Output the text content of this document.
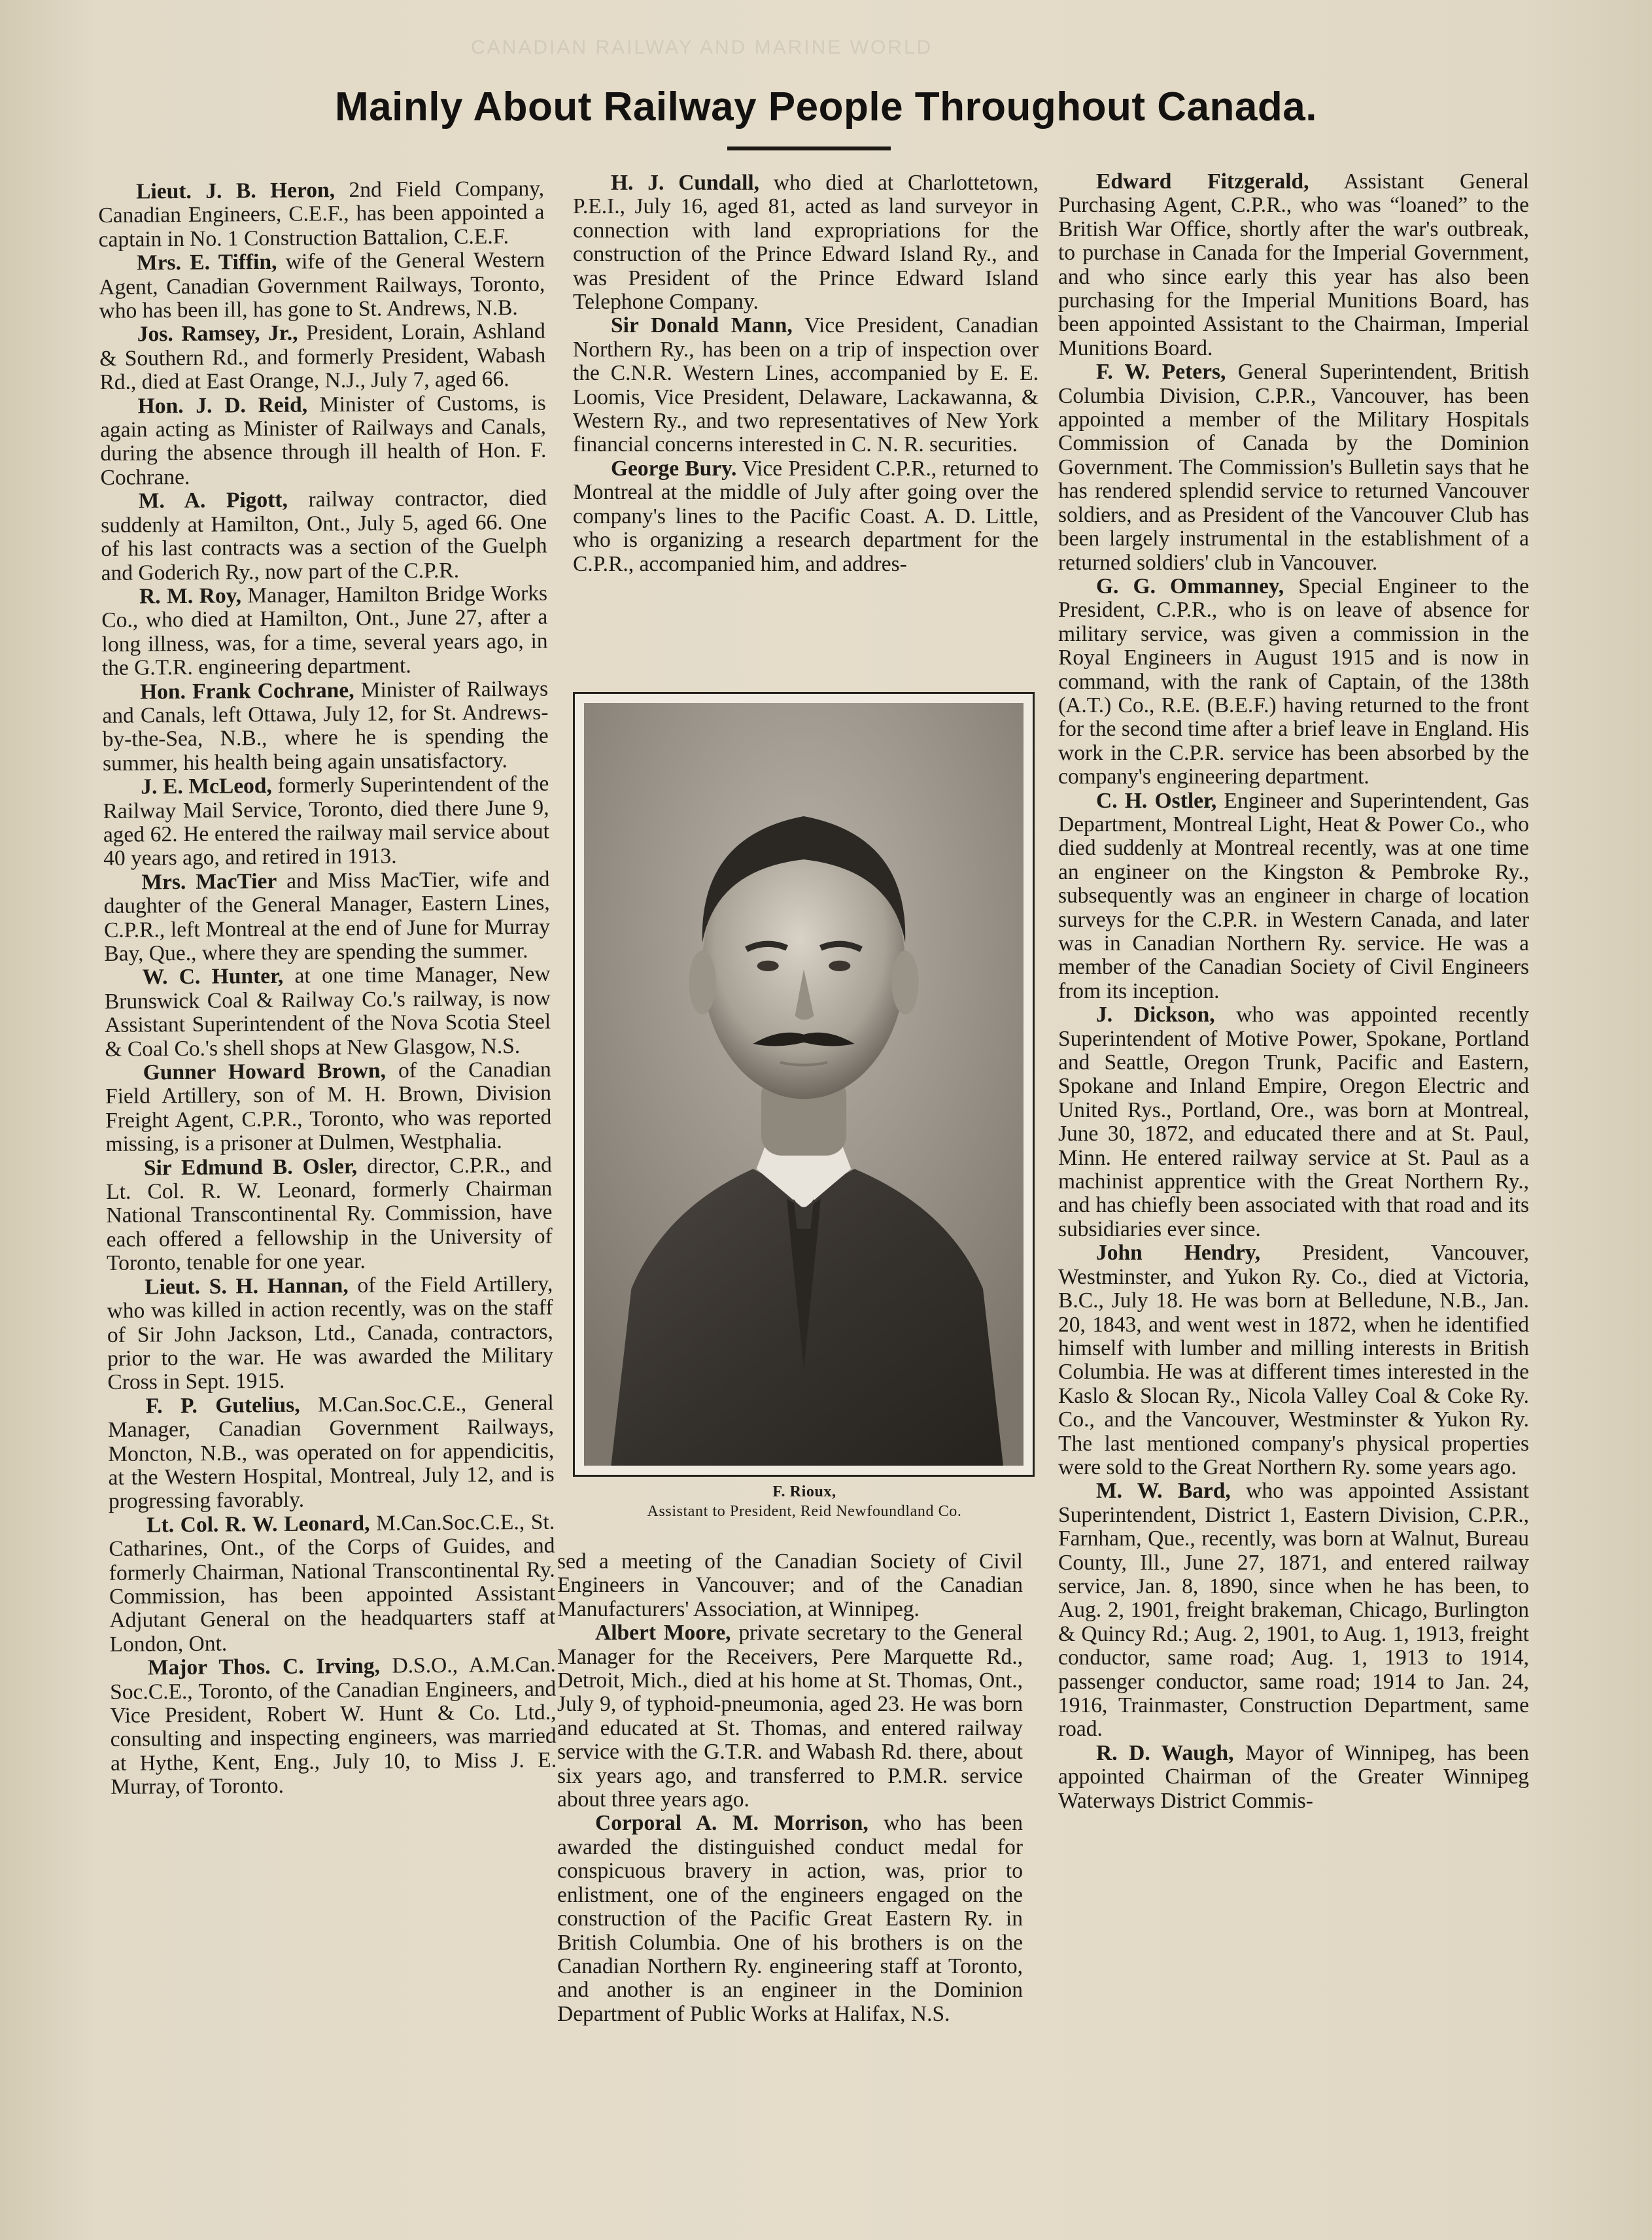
CANADIAN RAILWAY AND MARINE WORLD
Mainly About Railway People Throughout Canada.

Lieut. J. B. Heron, 2nd Field Company, Canadian Engineers, C.E.F., has been appointed a captain in No. 1 Construction Battalion, C.E.F.

Mrs. E. Tiffin, wife of the General Western Agent, Canadian Government Railways, Toronto, who has been ill, has gone to St. Andrews, N.B.

Jos. Ramsey, Jr., President, Lorain, Ashland & Southern Rd., and formerly President, Wabash Rd., died at East Orange, N.J., July 7, aged 66.

Hon. J. D. Reid, Minister of Customs, is again acting as Minister of Railways and Canals, during the absence through ill health of Hon. F. Cochrane.

M. A. Pigott, railway contractor, died suddenly at Hamilton, Ont., July 5, aged 66. One of his last contracts was a section of the Guelph and Goderich Ry., now part of the C.P.R.

R. M. Roy, Manager, Hamilton Bridge Works Co., who died at Hamilton, Ont., June 27, after a long illness, was, for a time, several years ago, in the G.T.R. engineering department.

Hon. Frank Cochrane, Minister of Railways and Canals, left Ottawa, July 12, for St. Andrews-by-the-Sea, N.B., where he is spending the summer, his health being again unsatisfactory.

J. E. McLeod, formerly Superintendent of the Railway Mail Service, Toronto, died there June 9, aged 62. He entered the railway mail service about 40 years ago, and retired in 1913.

Mrs. MacTier and Miss MacTier, wife and daughter of the General Manager, Eastern Lines, C.P.R., left Montreal at the end of June for Murray Bay, Que., where they are spending the summer.

W. C. Hunter, at one time Manager, New Brunswick Coal & Railway Co.'s railway, is now Assistant Superintendent of the Nova Scotia Steel & Coal Co.'s shell shops at New Glasgow, N.S.

Gunner Howard Brown, of the Canadian Field Artillery, son of M. H. Brown, Division Freight Agent, C.P.R., Toronto, who was reported missing, is a prisoner at Dulmen, Westphalia.

Sir Edmund B. Osler, director, C.P.R., and Lt. Col. R. W. Leonard, formerly Chairman National Transcontinental Ry. Commission, have each offered a fellowship in the University of Toronto, tenable for one year.

Lieut. S. H. Hannan, of the Field Artillery, who was killed in action recently, was on the staff of Sir John Jackson, Ltd., Canada, contractors, prior to the war. He was awarded the Military Cross in Sept. 1915.

F. P. Gutelius, M.Can.Soc.C.E., General Manager, Canadian Government Railways, Moncton, N.B., was operated on for appendicitis, at the Western Hospital, Montreal, July 12, and is progressing favorably.

Lt. Col. R. W. Leonard, M.Can.Soc.C.E., St. Catharines, Ont., of the Corps of Guides, and formerly Chairman, National Transcontinental Ry. Commission, has been appointed Assistant Adjutant General on the headquarters staff at London, Ont.

Major Thos. C. Irving, D.S.O., A.M.Can. Soc.C.E., Toronto, of the Canadian Engineers, and Vice President, Robert W. Hunt & Co. Ltd., consulting and inspecting engineers, was married at Hythe, Kent, Eng., July 10, to Miss J. E. Murray, of Toronto.

H. J. Cundall, who died at Charlottetown, P.E.I., July 16, aged 81, acted as land surveyor in connection with land expropriations for the construction of the Prince Edward Island Ry., and was President of the Prince Edward Island Telephone Company.

Sir Donald Mann, Vice President, Canadian Northern Ry., has been on a trip of inspection over the C.N.R. Western Lines, accompanied by E. E. Loomis, Vice President, Delaware, Lackawanna, & Western Ry., and two representatives of New York financial concerns interested in C. N. R. securities.

George Bury. Vice President C.P.R., returned to Montreal at the middle of July after going over the company's lines to the Pacific Coast. A. D. Little, who is organizing a research department for the C.P.R., accompanied him, and addres-

F. Rioux,
Assistant to President, Reid Newfoundland Co.

sed a meeting of the Canadian Society of Civil Engineers in Vancouver; and of the Canadian Manufacturers' Association, at Winnipeg.

Albert Moore, private secretary to the General Manager for the Receivers, Pere Marquette Rd., Detroit, Mich., died at his home at St. Thomas, Ont., July 9, of typhoid-pneumonia, aged 23. He was born and educated at St. Thomas, and entered railway service with the G.T.R. and Wabash Rd. there, about six years ago, and transferred to P.M.R. service about three years ago.

Corporal A. M. Morrison, who has been awarded the distinguished conduct medal for conspicuous bravery in action, was, prior to enlistment, one of the engineers engaged on the construction of the Pacific Great Eastern Ry. in British Columbia. One of his brothers is on the Canadian Northern Ry. engineering staff at Toronto, and another is an engineer in the Dominion Department of Public Works at Halifax, N.S.

Edward Fitzgerald, Assistant General Purchasing Agent, C.P.R., who was “loaned” to the British War Office, shortly after the war's outbreak, to purchase in Canada for the Imperial Government, and who since early this year has also been purchasing for the Imperial Munitions Board, has been appointed Assistant to the Chairman, Imperial Munitions Board.

F. W. Peters, General Superintendent, British Columbia Division, C.P.R., Vancouver, has been appointed a member of the Military Hospitals Commission of Canada by the Dominion Government. The Commission's Bulletin says that he has rendered splendid service to returned Vancouver soldiers, and as President of the Vancouver Club has been largely instrumental in the establishment of a returned soldiers' club in Vancouver.

G. G. Ommanney, Special Engineer to the President, C.P.R., who is on leave of absence for military service, was given a commission in the Royal Engineers in August 1915 and is now in command, with the rank of Captain, of the 138th (A.T.) Co., R.E. (B.E.F.) having returned to the front for the second time after a brief leave in England. His work in the C.P.R. service has been absorbed by the company's engineering department.

C. H. Ostler, Engineer and Superintendent, Gas Department, Montreal Light, Heat & Power Co., who died suddenly at Montreal recently, was at one time an engineer on the Kingston & Pembroke Ry., subsequently was an engineer in charge of location surveys for the C.P.R. in Western Canada, and later was in Canadian Northern Ry. service. He was a member of the Canadian Society of Civil Engineers from its inception.

J. Dickson, who was appointed recently Superintendent of Motive Power, Spokane, Portland and Seattle, Oregon Trunk, Pacific and Eastern, Spokane and Inland Empire, Oregon Electric and United Rys., Portland, Ore., was born at Montreal, June 30, 1872, and educated there and at St. Paul, Minn. He entered railway service at St. Paul as a machinist apprentice with the Great Northern Ry., and has chiefly been associated with that road and its subsidiaries ever since.

John Hendry, President, Vancouver, Westminster, and Yukon Ry. Co., died at Victoria, B.C., July 18. He was born at Belledune, N.B., Jan. 20, 1843, and went west in 1872, when he identified himself with lumber and milling interests in British Columbia. He was at different times interested in the Kaslo & Slocan Ry., Nicola Valley Coal & Coke Ry. Co., and the Vancouver, Westminster & Yukon Ry. The last mentioned company's physical properties were sold to the Great Northern Ry. some years ago.

M. W. Bard, who was appointed Assistant Superintendent, District 1, Eastern Division, C.P.R., Farnham, Que., recently, was born at Walnut, Bureau County, Ill., June 27, 1871, and entered railway service, Jan. 8, 1890, since when he has been, to Aug. 2, 1901, freight brakeman, Chicago, Burlington & Quincy Rd.; Aug. 2, 1901, to Aug. 1, 1913, freight conductor, same road; Aug. 1, 1913 to 1914, passenger conductor, same road; 1914 to Jan. 24, 1916, Trainmaster, Construction Department, same road.

R. D. Waugh, Mayor of Winnipeg, has been appointed Chairman of the Greater Winnipeg Waterways District Commis-
